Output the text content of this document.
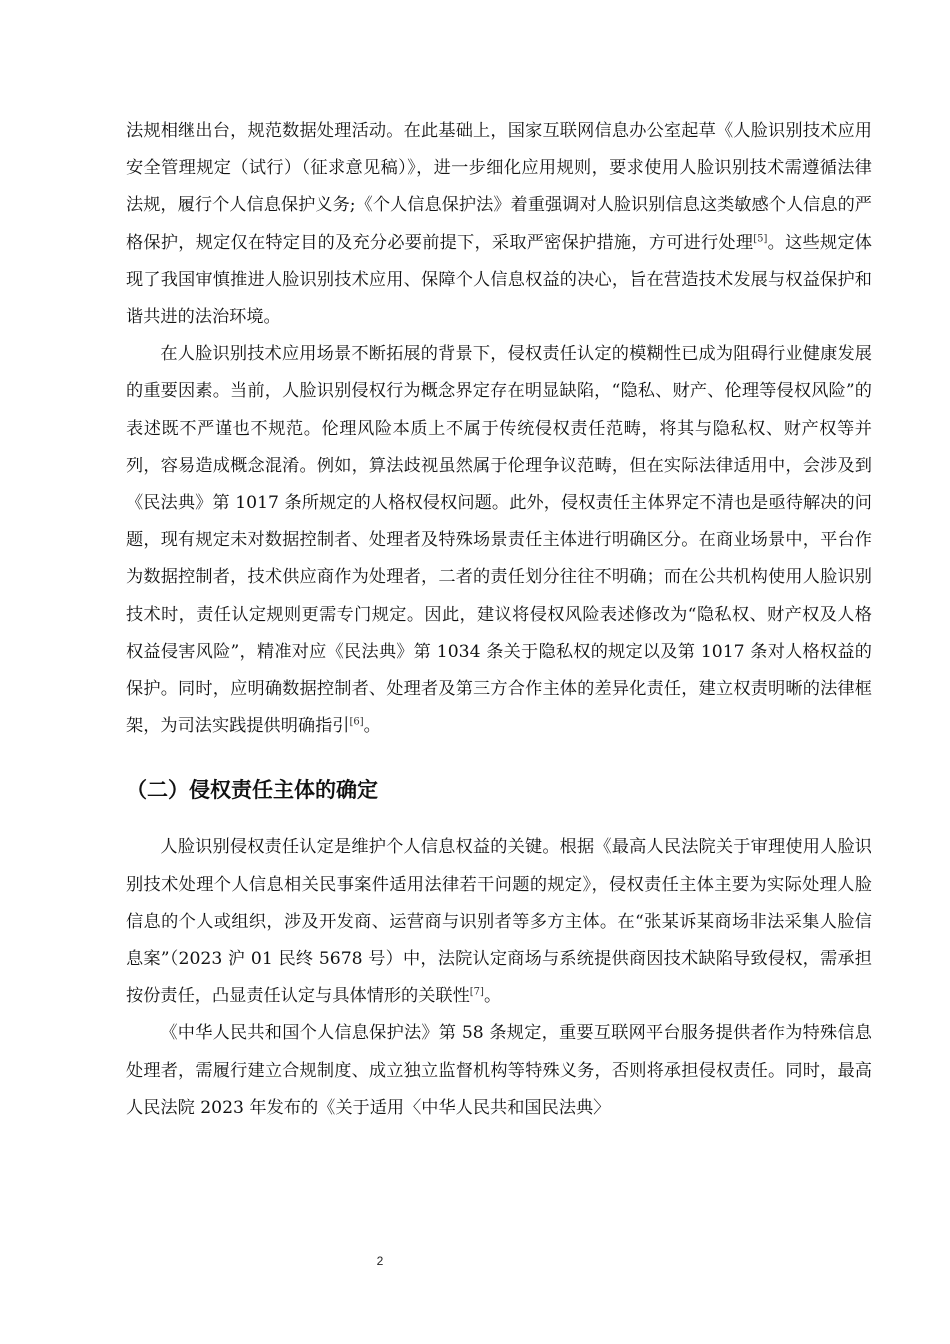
法规相继出台，规范数据处理活动。在此基础上，国家互联网信息办公室起草《人脸识别技术应用安全管理规定（试行）（征求意见稿）》，进一步细化应用规则，要求使用人脸识别技术需遵循法律法规，履行个人信息保护义务;《个人信息保护法》着重强调对人脸识别信息这类敏感个人信息的严格保护，规定仅在特定目的及充分必要前提下，采取严密保护措施，方可进行处理[5]。这些规定体现了我国审慎推进人脸识别技术应用、保障个人信息权益的决心，旨在营造技术发展与权益保护和谐共进的法治环境。

在人脸识别技术应用场景不断拓展的背景下，侵权责任认定的模糊性已成为阻碍行业健康发展的重要因素。当前，人脸识别侵权行为概念界定存在明显缺陷，“隐私、财产、伦理等侵权风险”的表述既不严谨也不规范。伦理风险本质上不属于传统侵权责任范畴，将其与隐私权、财产权等并列，容易造成概念混淆。例如，算法歧视虽然属于伦理争议范畴，但在实际法律适用中，会涉及到《民法典》第 1017 条所规定的人格权侵权问题。此外，侵权责任主体界定不清也是亟待解决的问题，现有规定未对数据控制者、处理者及特殊场景责任主体进行明确区分。在商业场景中，平台作为数据控制者，技术供应商作为处理者，二者的责任划分往往不明确；而在公共机构使用人脸识别技术时，责任认定规则更需专门规定。因此，建议将侵权风险表述修改为“隐私权、财产权及人格权益侵害风险”，精准对应《民法典》第 1034 条关于隐私权的规定以及第 1017 条对人格权益的保护。同时，应明确数据控制者、处理者及第三方合作主体的差异化责任，建立权责明晰的法律框架，为司法实践提供明确指引[6]。

（二）侵权责任主体的确定

人脸识别侵权责任认定是维护个人信息权益的关键。根据《最高人民法院关于审理使用人脸识别技术处理个人信息相关民事案件适用法律若干问题的规定》，侵权责任主体主要为实际处理人脸信息的个人或组织，涉及开发商、运营商与识别者等多方主体。在“张某诉某商场非法采集人脸信息案”（2023 沪 01 民终 5678 号）中，法院认定商场与系统提供商因技术缺陷导致侵权，需承担按份责任，凸显责任认定与具体情形的关联性[7]。

《中华人民共和国个人信息保护法》第 58 条规定，重要互联网平台服务提供者作为特殊信息处理者，需履行建立合规制度、成立独立监督机构等特殊义务，否则将承担侵权责任。同时，最高人民法院 2023 年发布的《关于适用〈中华人民共和国民法典〉

2
